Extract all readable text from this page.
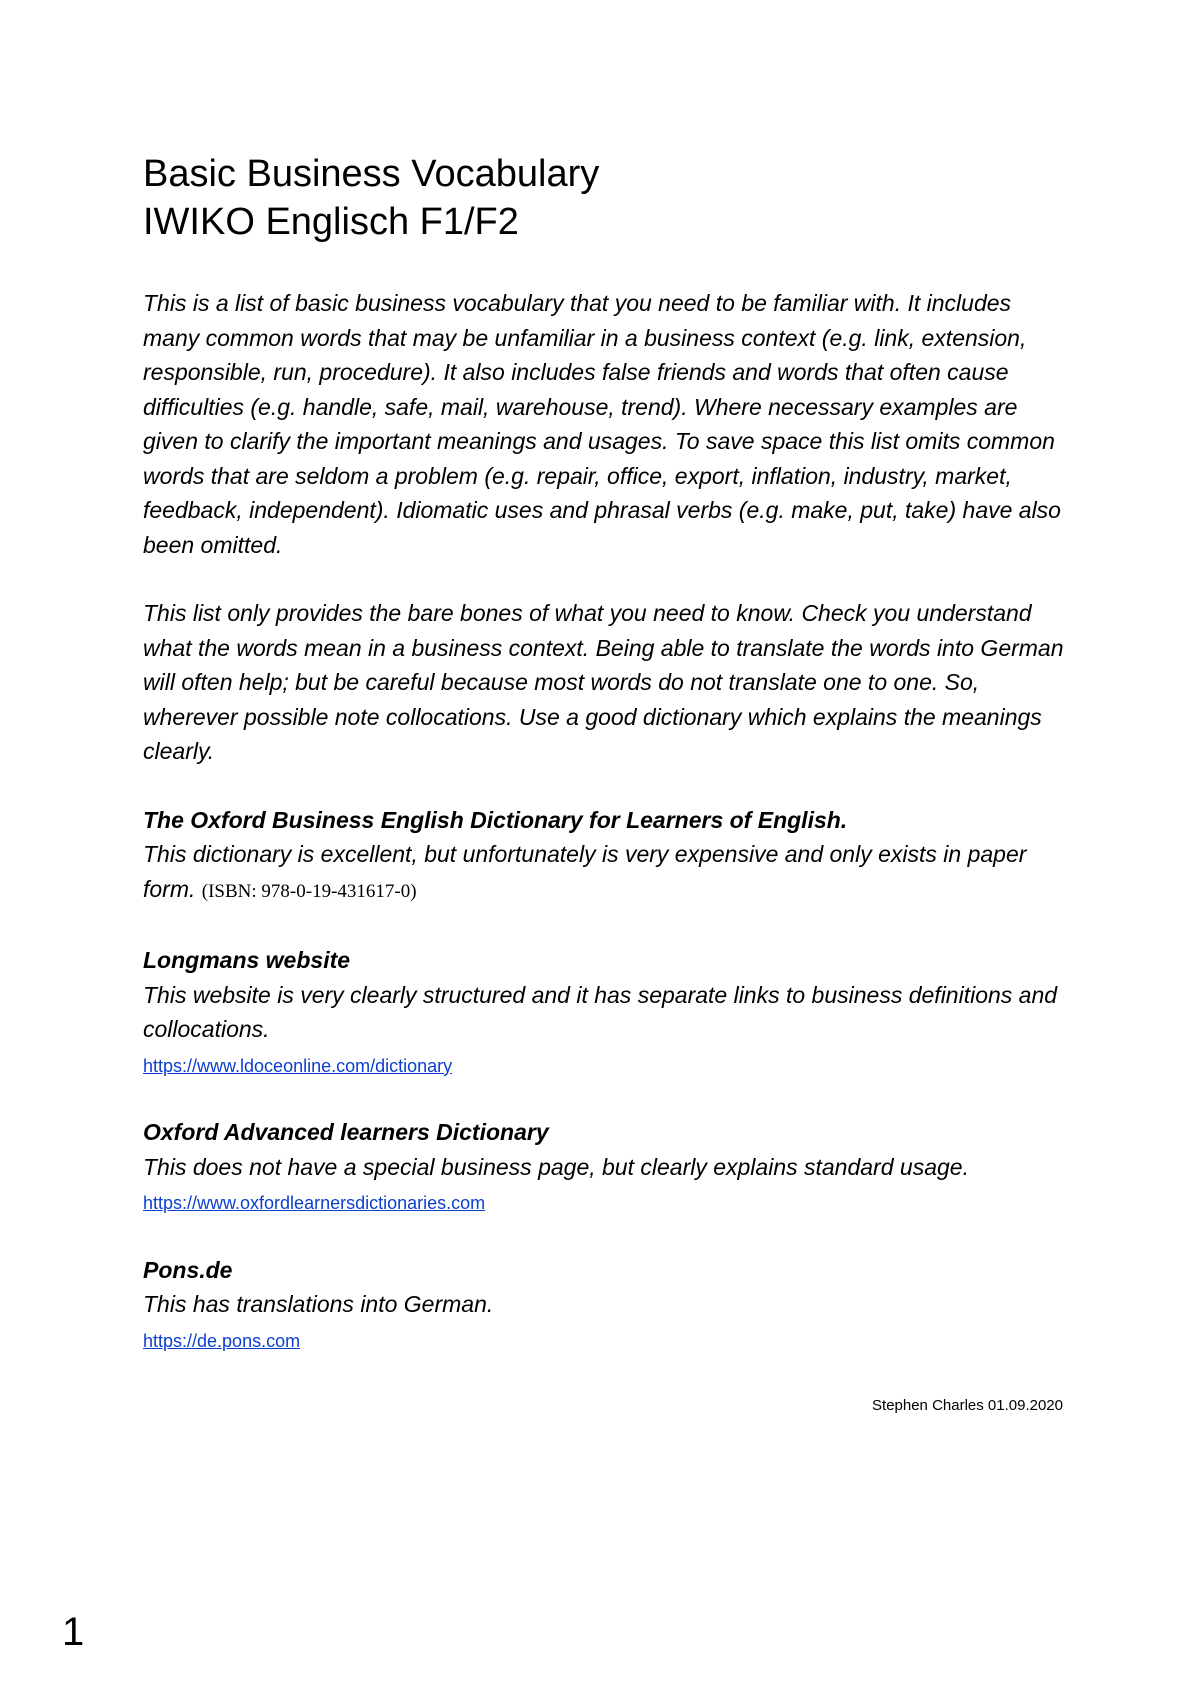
Basic Business Vocabulary
IWIKO Englisch F1/F2

This is a list of basic business vocabulary that you need to be familiar with. It includes many common words that may be unfamiliar in a business context (e.g. link, extension, responsible, run, procedure). It also includes false friends and words that often cause difficulties (e.g. handle, safe, mail, warehouse, trend). Where necessary examples are given to clarify the important meanings and usages. To save space this list omits common words that are seldom a problem (e.g. repair, office, export, inflation, industry, market, feedback, independent). Idiomatic uses and phrasal verbs (e.g. make, put, take) have also been omitted.

This list only provides the bare bones of what you need to know. Check you understand what the words mean in a business context. Being able to translate the words into German will often help; but be careful because most words do not translate one to one. So, wherever possible note collocations. Use a good dictionary which explains the meanings clearly.

The Oxford Business English Dictionary for Learners of English.
This dictionary is excellent, but unfortunately is very expensive and only exists in paper form. (ISBN: 978-0-19-431617-0)
Longmans website
This website is very clearly structured and it has separate links to business definitions and collocations.
https://www.ldoceonline.com/dictionary
Oxford Advanced learners Dictionary
This does not have a special business page, but clearly explains standard usage.
https://www.oxfordlearnersdictionaries.com
Pons.de
This has translations into German.
https://de.pons.com
Stephen Charles 01.09.2020
1
